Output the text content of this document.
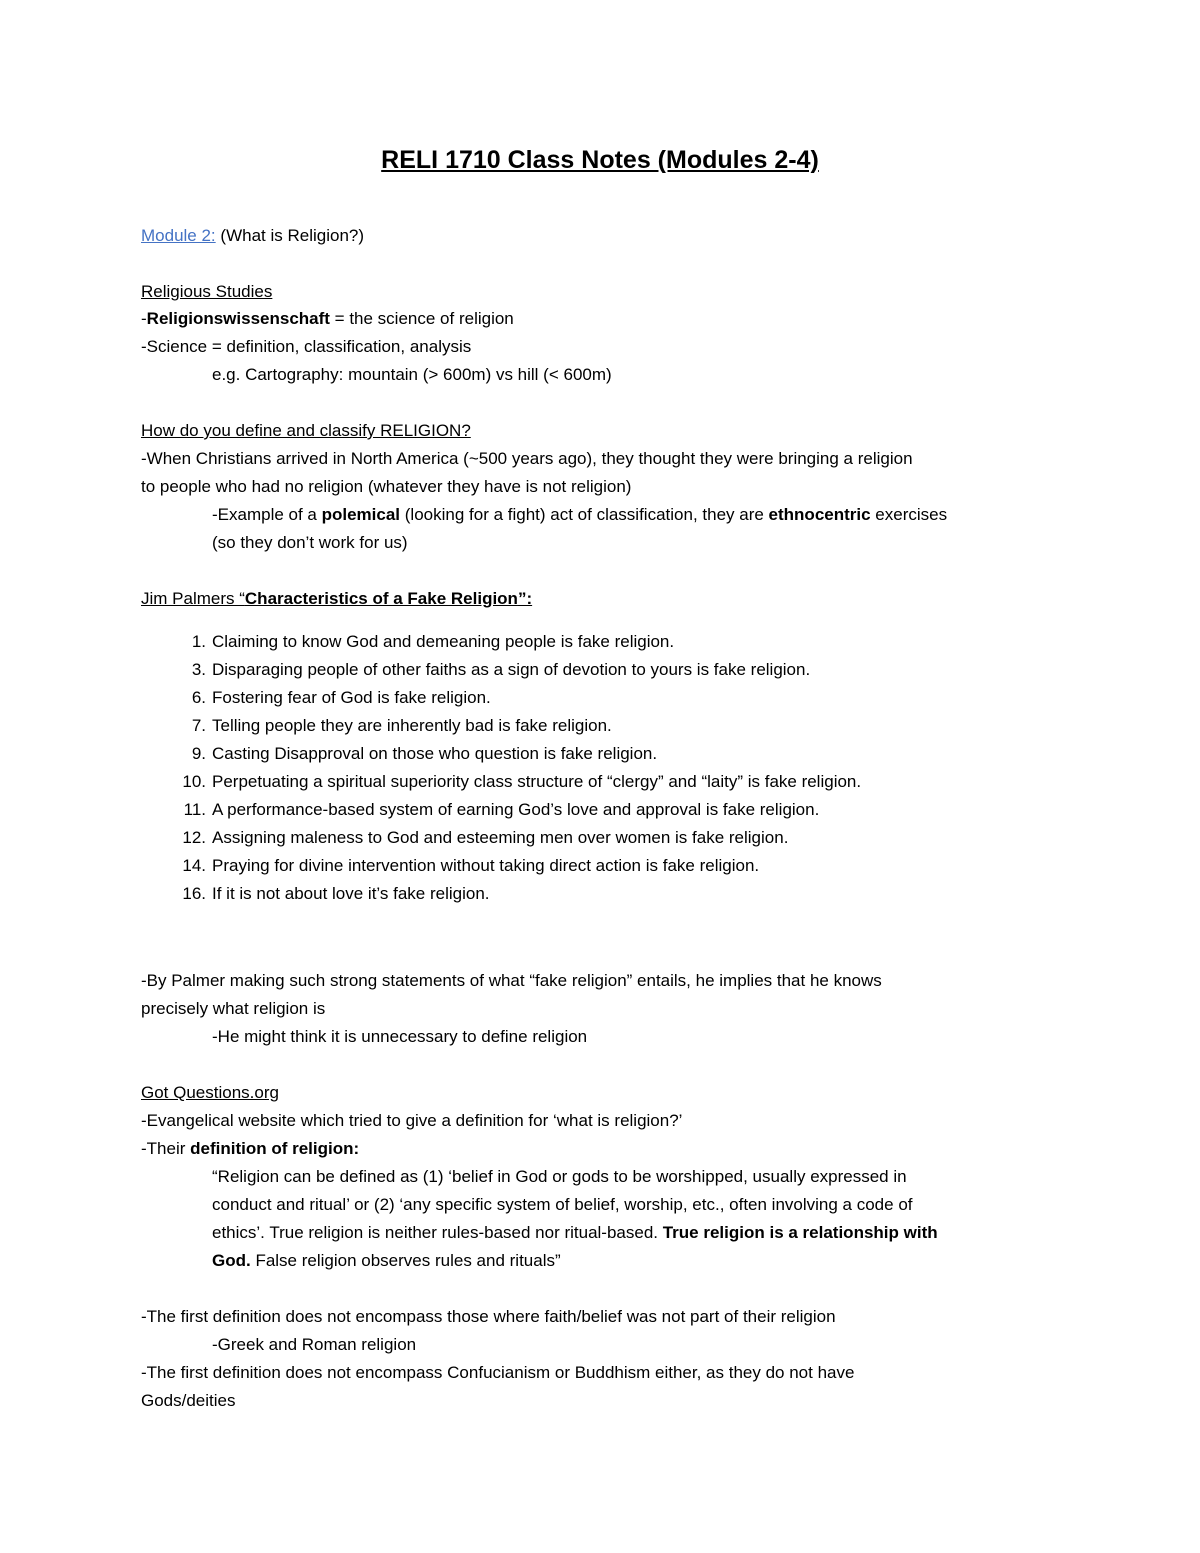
RELI 1710 Class Notes (Modules 2-4)
Module 2: (What is Religion?)
Religious Studies
-Religionswissenschaft = the science of religion
-Science = definition, classification, analysis
e.g. Cartography: mountain (> 600m) vs hill (< 600m)
How do you define and classify RELIGION?
-When Christians arrived in North America (~500 years ago), they thought they were bringing a religion
to people who had no religion (whatever they have is not religion)
-Example of a polemical (looking for a fight) act of classification, they are ethnocentric exercises
(so they don’t work for us)
Jim Palmers “Characteristics of a Fake Religion”:
1. Claiming to know God and demeaning people is fake religion.
3. Disparaging people of other faiths as a sign of devotion to yours is fake religion.
6. Fostering fear of God is fake religion.
7. Telling people they are inherently bad is fake religion.
9. Casting Disapproval on those who question is fake religion.
10. Perpetuating a spiritual superiority class structure of “clergy” and “laity” is fake religion.
11. A performance-based system of earning God’s love and approval is fake religion.
12. Assigning maleness to God and esteeming men over women is fake religion.
14. Praying for divine intervention without taking direct action is fake religion.
16. If it is not about love it’s fake religion.
-By Palmer making such strong statements of what “fake religion” entails, he implies that he knows
precisely what religion is
-He might think it is unnecessary to define religion
Got Questions.org
-Evangelical website which tried to give a definition for ‘what is religion?’
-Their definition of religion:
“Religion can be defined as (1) ‘belief in God or gods to be worshipped, usually expressed in
conduct and ritual’ or (2) ‘any specific system of belief, worship, etc., often involving a code of
ethics’. True religion is neither rules-based nor ritual-based. True religion is a relationship with
God. False religion observes rules and rituals”
-The first definition does not encompass those where faith/belief was not part of their religion
-Greek and Roman religion
-The first definition does not encompass Confucianism or Buddhism either, as they do not have
Gods/deities
